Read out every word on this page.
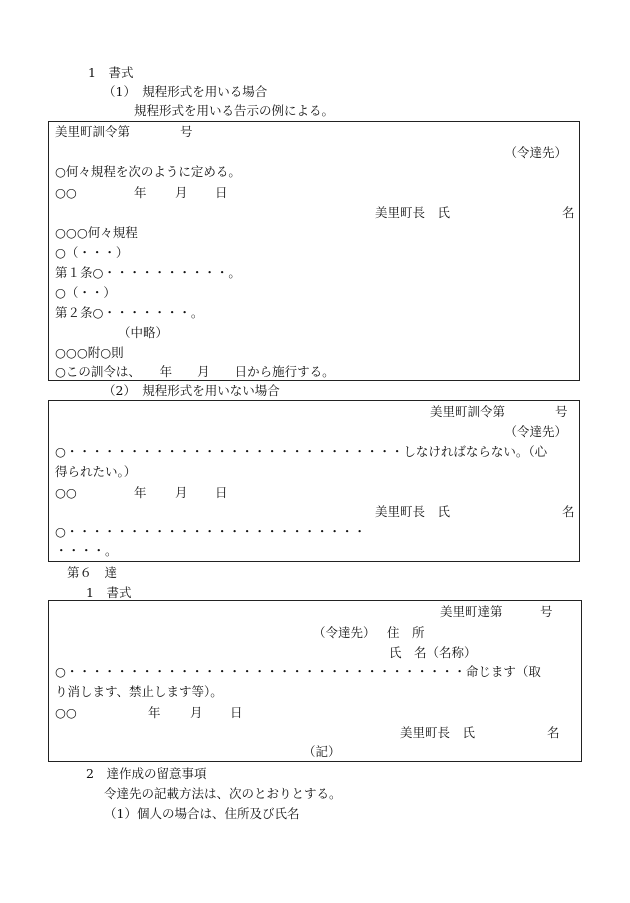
1　書式
（1）　規程形式を用いる場合
規程形式を用いる告示の例による。
美里町訓令第　　　　号
（令達先）
○何々規程を次のように定める。
○○	年 月 日
美里町長　氏	名
○○○何々規程
○（・・・）
第１条○・・・・・・・・・・。
○（・・）
第２条○・・・・・・・。
（中略）
○○○附○則
○この訓令は、　　年　　月　　日から施行する。
（2）　規程形式を用いない場合
美里町訓令第　　　　号
（令達先）
○・・・・・・・・・・・・・・・・・・・・・・・・・・・しなければならない。（心
得られたい。）
○○	年 月 日
美里町長　氏	名
○・・・・・・・・・・・・・・・・・・・・・・・・
・・・・。
第６　達
1　書式
美里町達第　　　号
（令達先） 住　所
氏　名（名称）
○・・・・・・・・・・・・・・・・・・・・・・・・・・・・・・・・命じます（取
り消します、禁止します等）。
○○	年 月 日
美里町長　氏	名
（記）
2　達作成の留意事項
令達先の記載方法は、次のとおりとする。
（1）個人の場合は、住所及び氏名
